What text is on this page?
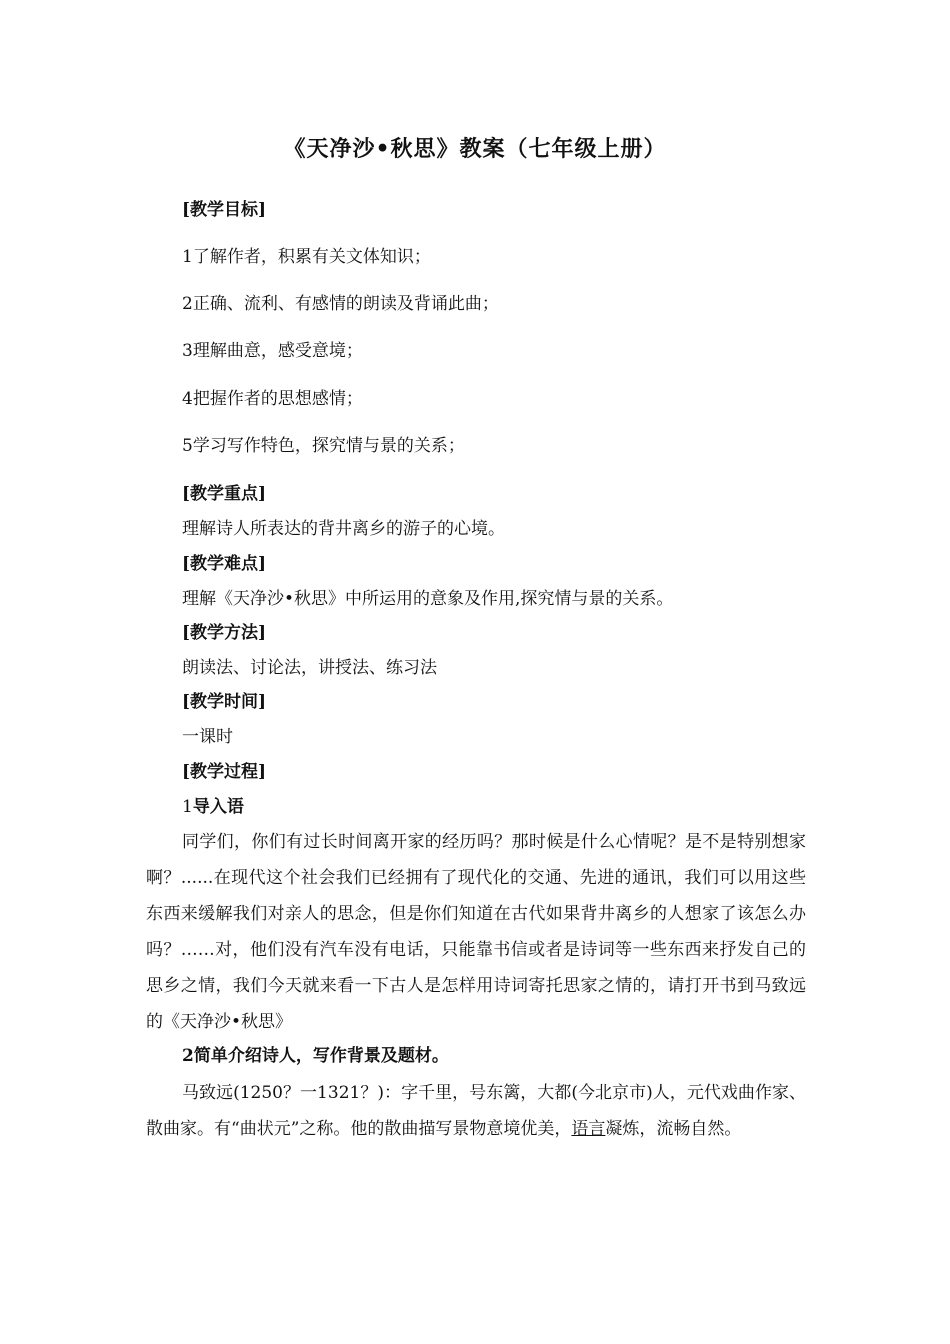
《天净沙•秋思》教案（七年级上册）
[教学目标]
1了解作者，积累有关文体知识；
2正确、流利、有感情的朗读及背诵此曲；
3理解曲意，感受意境；
4把握作者的思想感情；
5学习写作特色，探究情与景的关系；
[教学重点]
理解诗人所表达的背井离乡的游子的心境。
[教学难点]
理解《天净沙•秋思》中所运用的意象及作用,探究情与景的关系。
[教学方法]
朗读法、讨论法，讲授法、练习法
[教学时间]
一课时
[教学过程]
1导入语
同学们，你们有过长时间离开家的经历吗？那时候是什么心情呢？是不是特别想家啊？......在现代这个社会我们已经拥有了现代化的交通、先进的通讯，我们可以用这些东西来缓解我们对亲人的思念，但是你们知道在古代如果背井离乡的人想家了该怎么办吗？……对，他们没有汽车没有电话，只能靠书信或者是诗词等一些东西来抒发自己的思乡之情，我们今天就来看一下古人是怎样用诗词寄托思家之情的，请打开书到马致远的《天净沙•秋思》
2简单介绍诗人，写作背景及题材。
马致远(1250？一1321？)：字千里，号东篱，大都(今北京市)人，元代戏曲作家、散曲家。有“曲状元”之称。他的散曲描写景物意境优美，语言凝炼，流畅自然。
